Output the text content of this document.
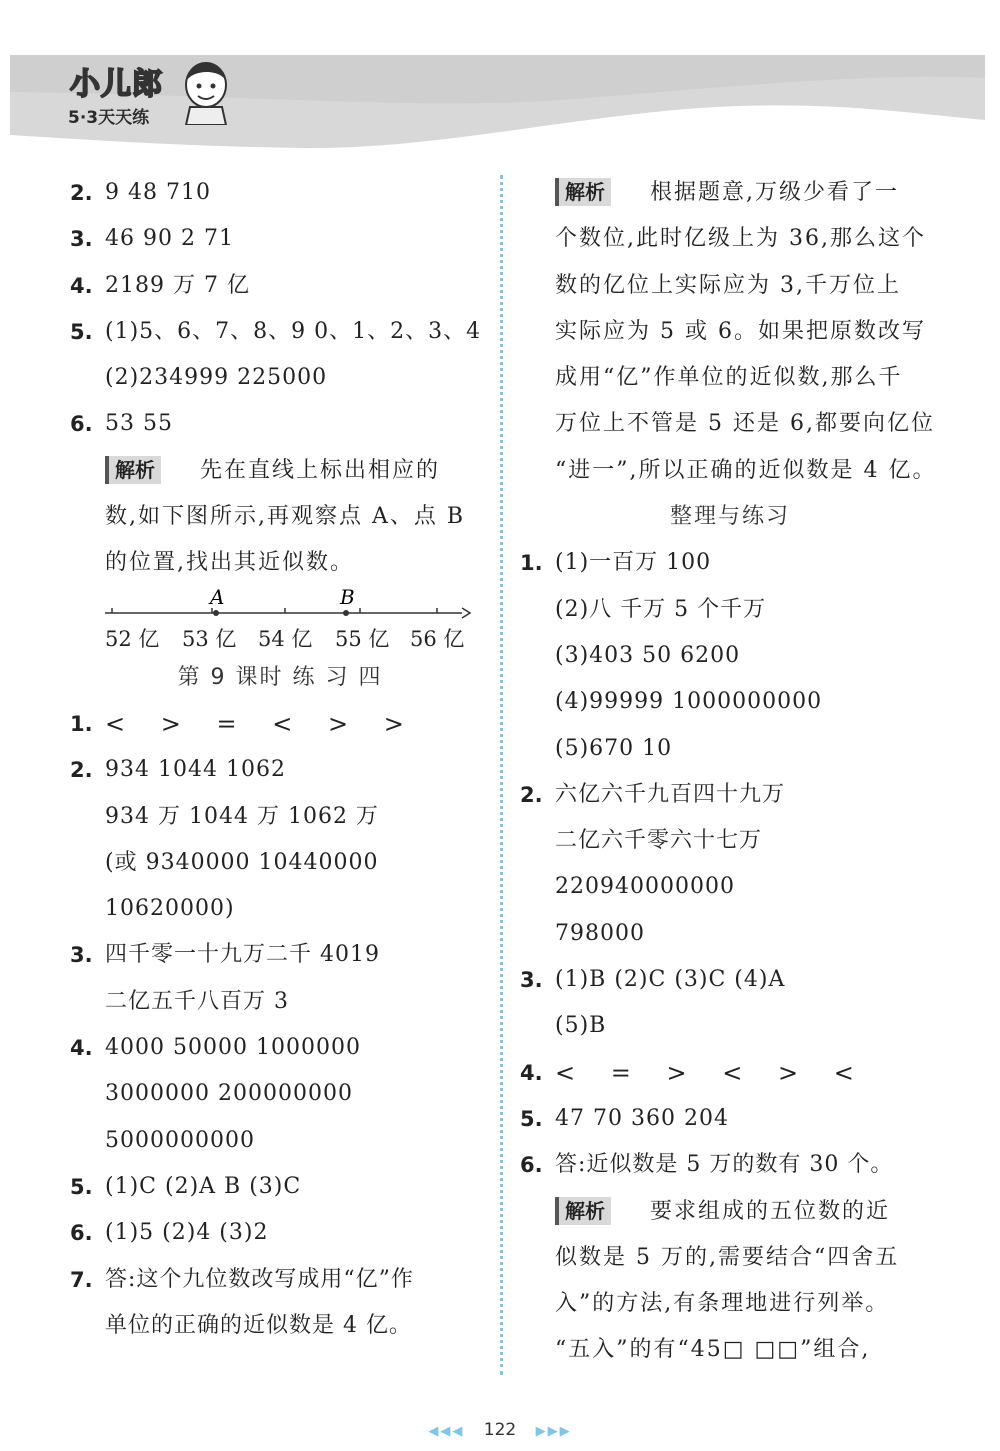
小儿郎
5·3天天练
2. 9 48 710
3. 46 90 2 71
4. 2189 万 7 亿
5. (1)5、6、7、8、9 0、1、2、3、4
(2)234999 225000
6. 53 55
解析 先在直线上标出相应的
数,如下图所示,再观察点 A、点 B
的位置,找出其近似数。
A	B
52 亿 53 亿 54 亿 55 亿 56 亿
第 9 课时 练 习 四
1. < > = < > >
2. 934 1044 1062
934 万 1044 万 1062 万
(或 9340000 10440000
10620000)
3. 四千零一十九万二千 4019
二亿五千八百万 3
4. 4000 50000 1000000
3000000 200000000
5000000000
5. (1)C (2)A B (3)C
6. (1)5 (2)4 (3)2
7. 答:这个九位数改写成用“亿”作
单位的正确的近似数是 4 亿。
解析 根据题意,万级少看了一
个数位,此时亿级上为 36,那么这个
数的亿位上实际应为 3,千万位上
实际应为 5 或 6。如果把原数改写
成用“亿”作单位的近似数,那么千
万位上不管是 5 还是 6,都要向亿位
“进一”,所以正确的近似数是 4 亿。
整理与练习
1. (1)一百万 100
(2)八 千万 5 个千万
(3)403 50 6200
(4)99999 1000000000
(5)670 10
2. 六亿六千九百四十九万
二亿六千零六十七万
220940000000
798000
3. (1)B (2)C (3)C (4)A
(5)B
4. < = > < > <
5. 47 70 360 204
6. 答:近似数是 5 万的数有 30 个。
解析 要求组成的五位数的近
似数是 5 万的,需要结合“四舍五
入”的方法,有条理地进行列举。
“五入”的有“45□ □□”组合,
◀◀◀ 122 ▶▶▶
